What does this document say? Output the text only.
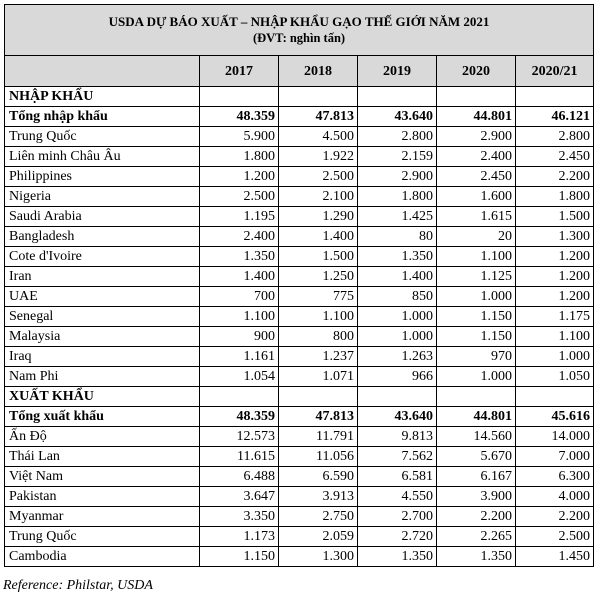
USDA DỰ BÁO XUẤT – NHẬP KHẨU GẠO THẾ GIỚI NĂM 2021
(ĐVT: nghìn tấn)					

	2017	2018	2019	2020	2020/21
NHẬP KHẨU					
Tổng nhập khẩu	48.359	47.813	43.640	44.801	46.121
Trung Quốc	5.900	4.500	2.800	2.900	2.800
Liên minh Châu Âu	1.800	1.922	2.159	2.400	2.450
Philippines	1.200	2.500	2.900	2.450	2.200
Nigeria	2.500	2.100	1.800	1.600	1.800
Saudi Arabia	1.195	1.290	1.425	1.615	1.500
Bangladesh	2.400	1.400	80	20	1.300
Cote d'Ivoire	1.350	1.500	1.350	1.100	1.200
Iran	1.400	1.250	1.400	1.125	1.200
UAE	700	775	850	1.000	1.200
Senegal	1.100	1.100	1.000	1.150	1.175
Malaysia	900	800	1.000	1.150	1.100
Iraq	1.161	1.237	1.263	970	1.000
Nam Phi	1.054	1.071	966	1.000	1.050
XUẤT KHẨU					
Tổng xuất khẩu	48.359	47.813	43.640	44.801	45.616
Ấn Độ	12.573	11.791	9.813	14.560	14.000
Thái Lan	11.615	11.056	7.562	5.670	7.000
Việt Nam	6.488	6.590	6.581	6.167	6.300
Pakistan	3.647	3.913	4.550	3.900	4.000
Myanmar	3.350	2.750	2.700	2.200	2.200
Trung Quốc	1.173	2.059	2.720	2.265	2.500
Cambodia	1.150	1.300	1.350	1.350	1.450
Reference: Philstar, USDA
